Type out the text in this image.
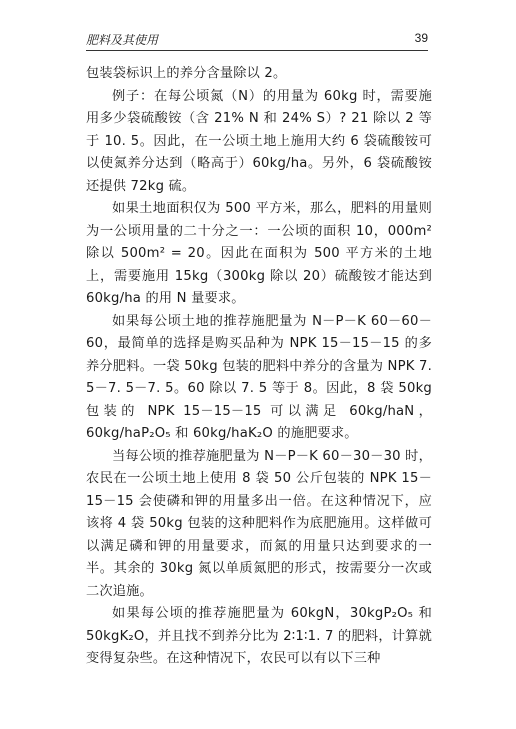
肥料及其使用	39

包装袋标识上的养分含量除以 2。

例子：在每公顷氮（N）的用量为 60kg 时，需要施用多少袋硫酸铵（含 21% N 和 24% S）? 21 除以 2 等于 10. 5。因此，在一公顷土地上施用大约 6 袋硫酸铵可以使氮养分达到（略高于）60kg/ha。另外，6 袋硫酸铵还提供 72kg 硫。

如果土地面积仅为 500 平方米，那么，肥料的用量则为一公顷用量的二十分之一：一公顷的面积 10，000m² 除以 500m² = 20。因此在面积为 500 平方米的土地上，需要施用 15kg（300kg 除以 20）硫酸铵才能达到 60kg/ha 的用 N 量要求。

如果每公顷土地的推荐施肥量为 N－P－K 60－60－60，最简单的选择是购买品种为 NPK 15－15－15 的多养分肥料。一袋 50kg 包装的肥料中养分的含量为 NPK 7. 5－7. 5－7. 5。60 除以 7. 5 等于 8。因此，8 袋 50kg 包装的 NPK 15－15－15 可以满足 60kg/haN，60kg/haP₂O₅ 和 60kg/haK₂O 的施肥要求。

当每公顷的推荐施肥量为 N－P－K 60－30－30 时，农民在一公顷土地上使用 8 袋 50 公斤包装的 NPK 15－15－15 会使磷和钾的用量多出一倍。在这种情况下，应该将 4 袋 50kg 包装的这种肥料作为底肥施用。这样做可以满足磷和钾的用量要求，而氮的用量只达到要求的一半。其余的 30kg 氮以单质氮肥的形式，按需要分一次或二次追施。

如果每公顷的推荐施肥量为 60kgN，30kgP₂O₅ 和 50kgK₂O，并且找不到养分比为 2∶1∶1. 7 的肥料，计算就变得复杂些。在这种情况下，农民可以有以下三种
